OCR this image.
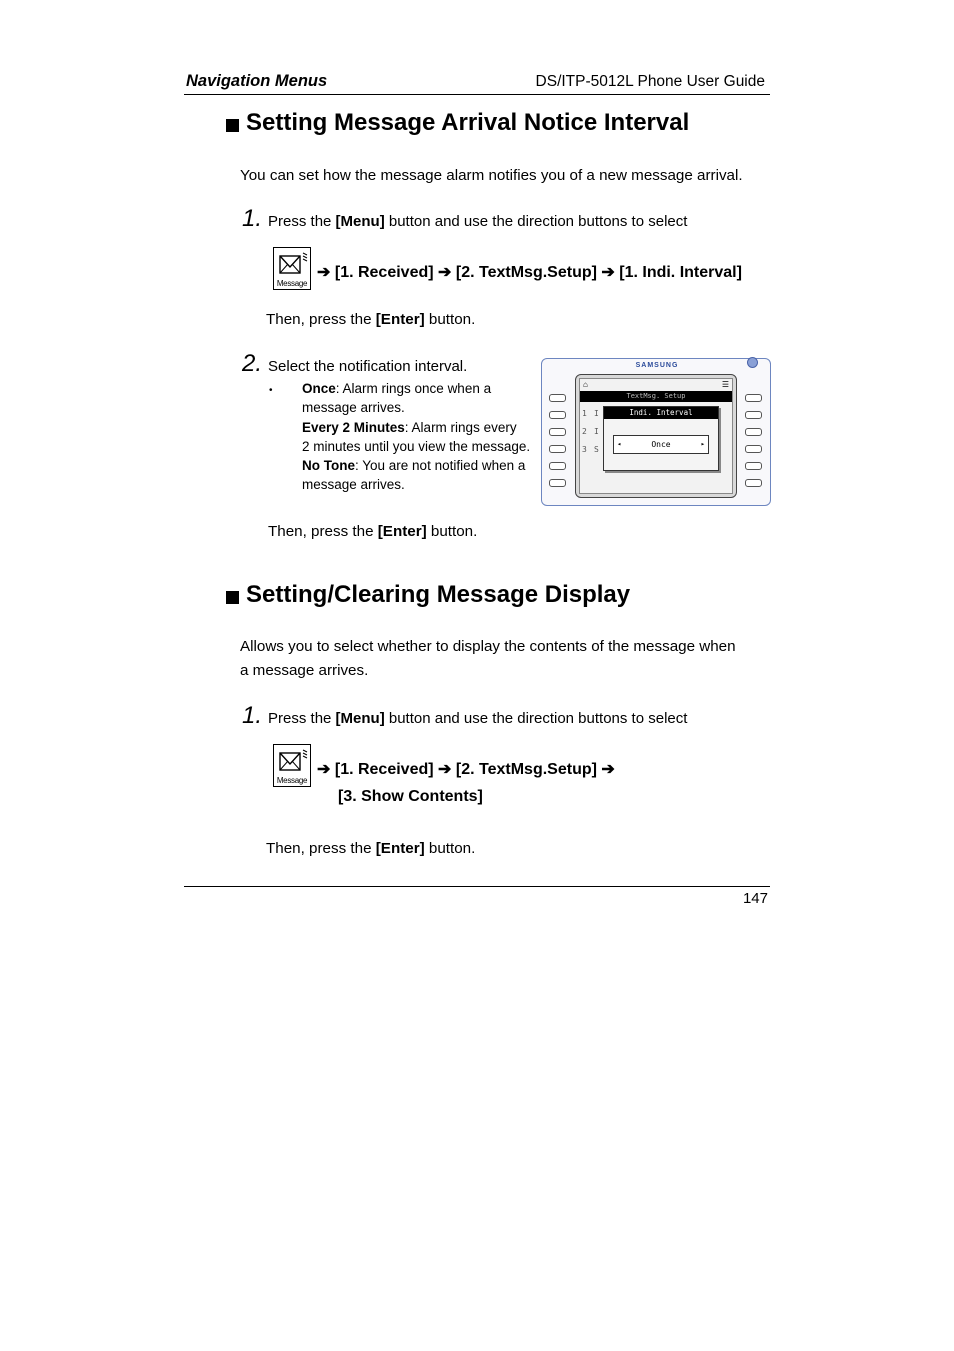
Navigation Menus	DS/ITP-5012L Phone User Guide
Setting Message Arrival Notice Interval
You can set how the message alarm notifies you of a new message arrival.
1. Press the [Menu] button and use the direction buttons to select
Message
➔ [1. Received] ➔ [2. TextMsg.Setup] ➔ [1. Indi. Interval]
Then, press the [Enter] button.
2. Select the notification interval.
• Once: Alarm rings once when a
message arrives.
Every 2 Minutes: Alarm rings every
2 minutes until you view the message.
No Tone: You are not notified when a
message arrives.
SAMSUNG
⌂	☰
TextMsg. Setup
1
2
3
I
I
S
Indi. Interval
◂	Once	▸
Then, press the [Enter] button.
Setting/Clearing Message Display
Allows you to select whether to display the contents of the message when
a message arrives.
1. Press the [Menu] button and use the direction buttons to select
Message
➔ [1. Received] ➔ [2. TextMsg.Setup] ➔
[3. Show Contents]
Then, press the [Enter] button.
147
